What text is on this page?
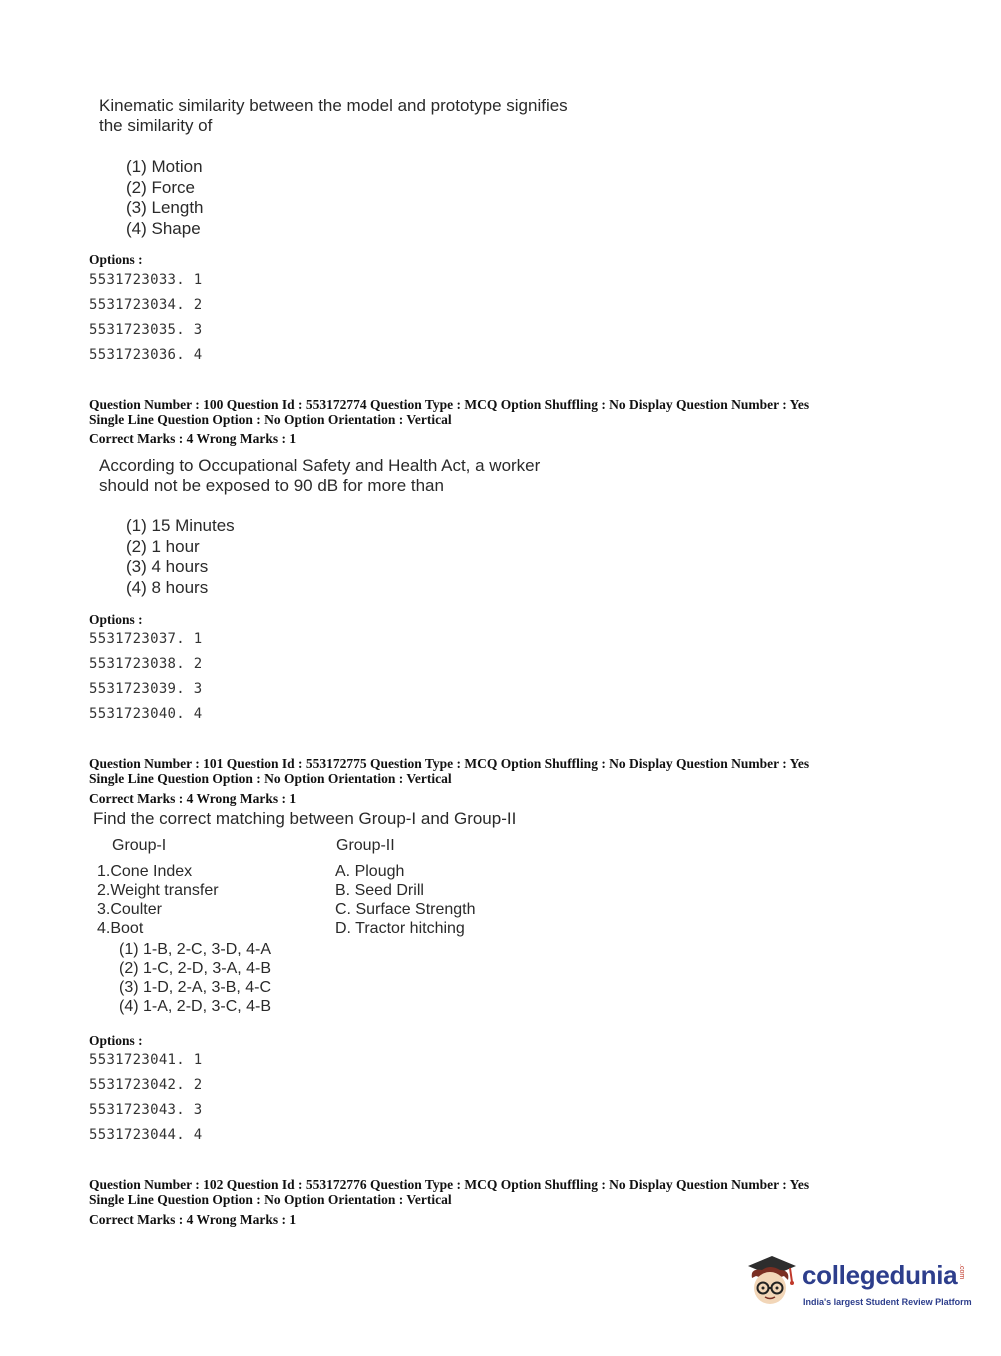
Kinematic similarity between the model and prototype signifies
the similarity of
(1) Motion
(2) Force
(3) Length
(4) Shape
Options :
5531723033. 1
5531723034. 2
5531723035. 3
5531723036. 4
Question Number : 100 Question Id : 553172774 Question Type : MCQ Option Shuffling : No Display Question Number : Yes
Single Line Question Option : No Option Orientation : Vertical
Correct Marks : 4 Wrong Marks : 1
According to Occupational Safety and Health Act, a worker
should not be exposed to 90 dB for more than
(1) 15 Minutes
(2) 1 hour
(3) 4 hours
(4) 8 hours
Options :
5531723037. 1
5531723038. 2
5531723039. 3
5531723040. 4
Question Number : 101 Question Id : 553172775 Question Type : MCQ Option Shuffling : No Display Question Number : Yes
Single Line Question Option : No Option Orientation : Vertical
Correct Marks : 4 Wrong Marks : 1
Find the correct matching between Group-I and Group-II
Group-I	Group-II
1.Cone Index
2.Weight transfer
3.Coulter
4.Boot
A. Plough
B. Seed Drill
C. Surface Strength
D. Tractor hitching
(1) 1-B, 2-C, 3-D, 4-A
(2) 1-C, 2-D, 3-A, 4-B
(3) 1-D, 2-A, 3-B, 4-C
(4) 1-A, 2-D, 3-C, 4-B
Options :
5531723041. 1
5531723042. 2
5531723043. 3
5531723044. 4
Question Number : 102 Question Id : 553172776 Question Type : MCQ Option Shuffling : No Display Question Number : Yes
Single Line Question Option : No Option Orientation : Vertical
Correct Marks : 4 Wrong Marks : 1
collegedunia .com
India's largest Student Review Platform
